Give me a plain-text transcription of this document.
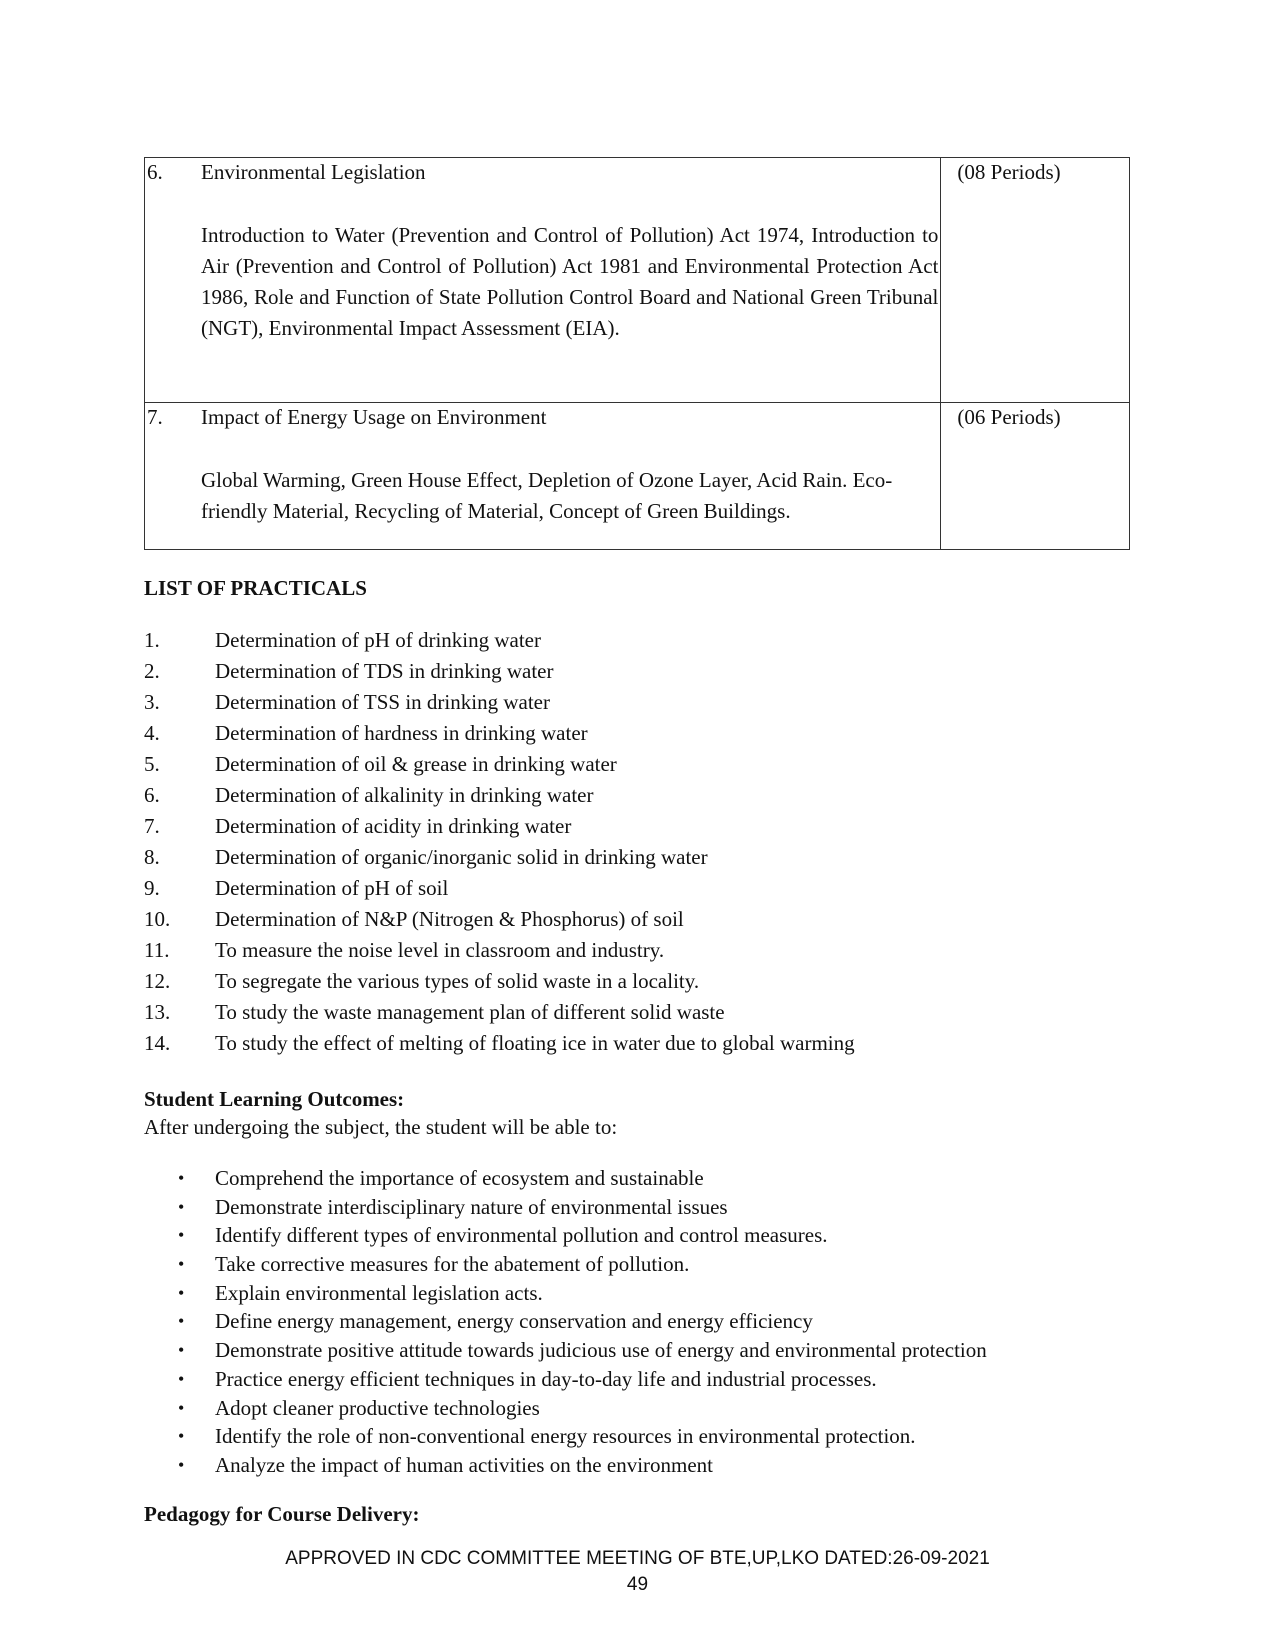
6. Environmental Legislation
Introduction to Water (Prevention and Control of Pollution) Act 1974, Introduction to Air (Prevention and Control of Pollution) Act 1981 and Environmental Protection Act 1986, Role and Function of State Pollution Control Board and National Green Tribunal (NGT), Environmental Impact Assessment (EIA).	(08 Periods)

7. Impact of Energy Usage on Environment
Global Warming, Green House Effect, Depletion of Ozone Layer, Acid Rain. Eco-friendly Material, Recycling of Material, Concept of Green Buildings.	(06 Periods)
LIST OF PRACTICALS
1.	Determination of pH of drinking water
2.	Determination of TDS in drinking water
3.	Determination of TSS in drinking water
4.	Determination of hardness in drinking water
5.	Determination of oil & grease in drinking water
6.	Determination of alkalinity in drinking water
7.	Determination of acidity in drinking water
8.	Determination of organic/inorganic solid in drinking water
9.	Determination of pH of soil
10.	Determination of N&P (Nitrogen & Phosphorus) of soil
11.	To measure the noise level in classroom and industry.
12.	To segregate the various types of solid waste in a locality.
13.	To study the waste management plan of different solid waste
14.	To study the effect of melting of floating ice in water due to global warming
Student Learning Outcomes:
After undergoing the subject, the student will be able to:
• Comprehend the importance of ecosystem and sustainable
• Demonstrate interdisciplinary nature of environmental issues
• Identify different types of environmental pollution and control measures.
• Take corrective measures for the abatement of pollution.
• Explain environmental legislation acts.
• Define energy management, energy conservation and energy efficiency
• Demonstrate positive attitude towards judicious use of energy and environmental protection
• Practice energy efficient techniques in day-to-day life and industrial processes.
• Adopt cleaner productive technologies
• Identify the role of non-conventional energy resources in environmental protection.
• Analyze the impact of human activities on the environment
Pedagogy for Course Delivery:
APPROVED IN CDC COMMITTEE MEETING OF BTE,UP,LKO DATED:26-09-2021
49
